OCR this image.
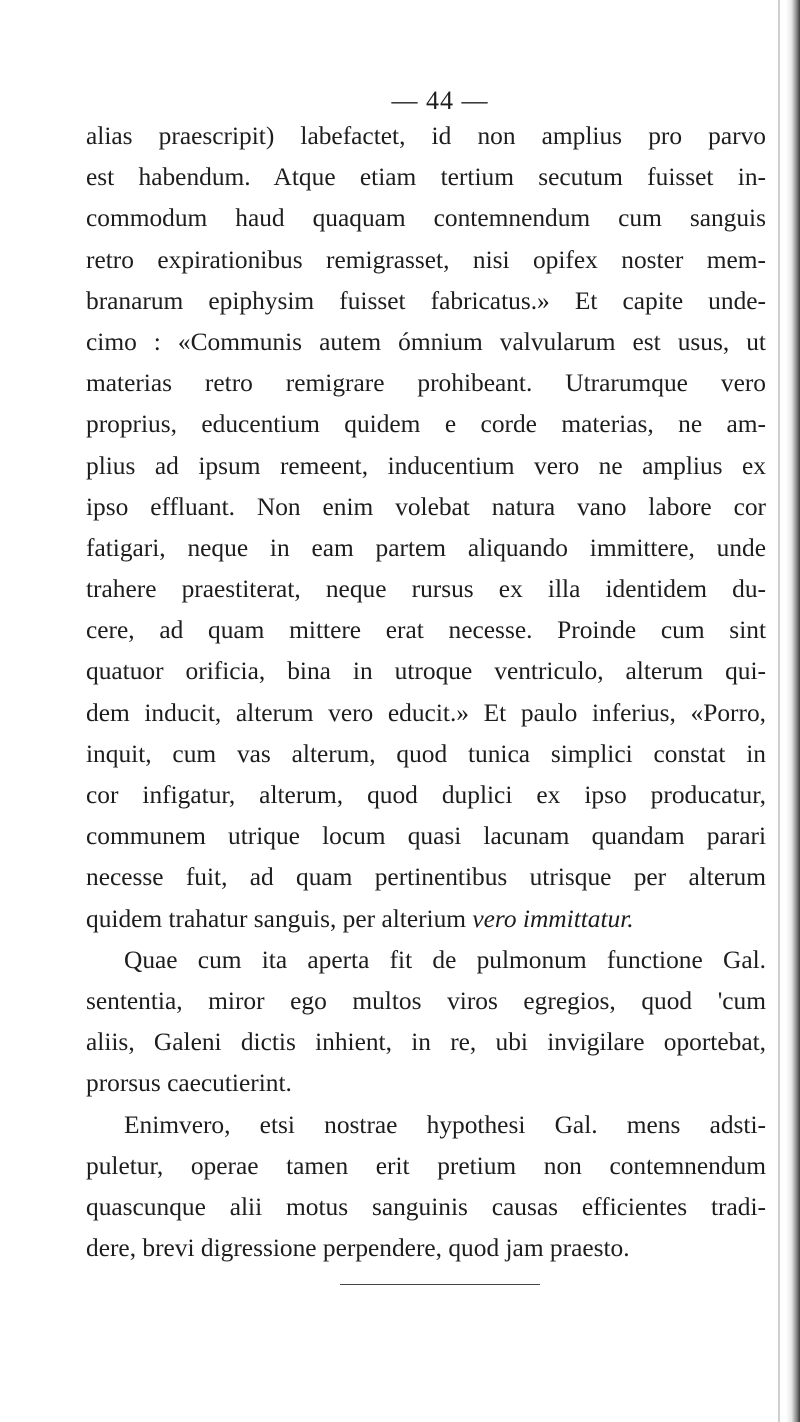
— 44 —
alias praescripit) labefactet, id non amplius pro parvo
est habendum. Atque etiam tertium secutum fuisset in-
commodum haud quaquam contemnendum cum sanguis
retro expirationibus remigrasset, nisi opifex noster mem-
branarum epiphysim fuisset fabricatus.» Et capite unde-
cimo : «Communis autem ómnium valvularum est usus, ut
materias retro remigrare prohibeant. Utrarumque vero
proprius, educentium quidem e corde materias, ne am-
plius ad ipsum remeent, inducentium vero ne amplius ex
ipso effluant. Non enim volebat natura vano labore cor
fatigari, neque in eam partem aliquando immittere, unde
trahere praestiterat, neque rursus ex illa identidem du-
cere, ad quam mittere erat necesse. Proinde cum sint
quatuor orificia, bina in utroque ventriculo, alterum qui-
dem inducit, alterum vero educit.» Et paulo inferius, «Porro,
inquit, cum vas alterum, quod tunica simplici constat in
cor infigatur, alterum, quod duplici ex ipso producatur,
communem utrique locum quasi lacunam quandam parari
necesse fuit, ad quam pertinentibus utrisque per alterum
quidem trahatur sanguis, per alterium vero immittatur.
Quae cum ita aperta fit de pulmonum functione Gal.
sententia, miror ego multos viros egregios, quod 'cum
aliis, Galeni dictis inhient, in re, ubi invigilare oportebat,
prorsus caecutierint.
Enimvero, etsi nostrae hypothesi Gal. mens adsti-
puletur, operae tamen erit pretium non contemnendum
quascunque alii motus sanguinis causas efficientes tradi-
dere, brevi digressione perpendere, quod jam praesto.
